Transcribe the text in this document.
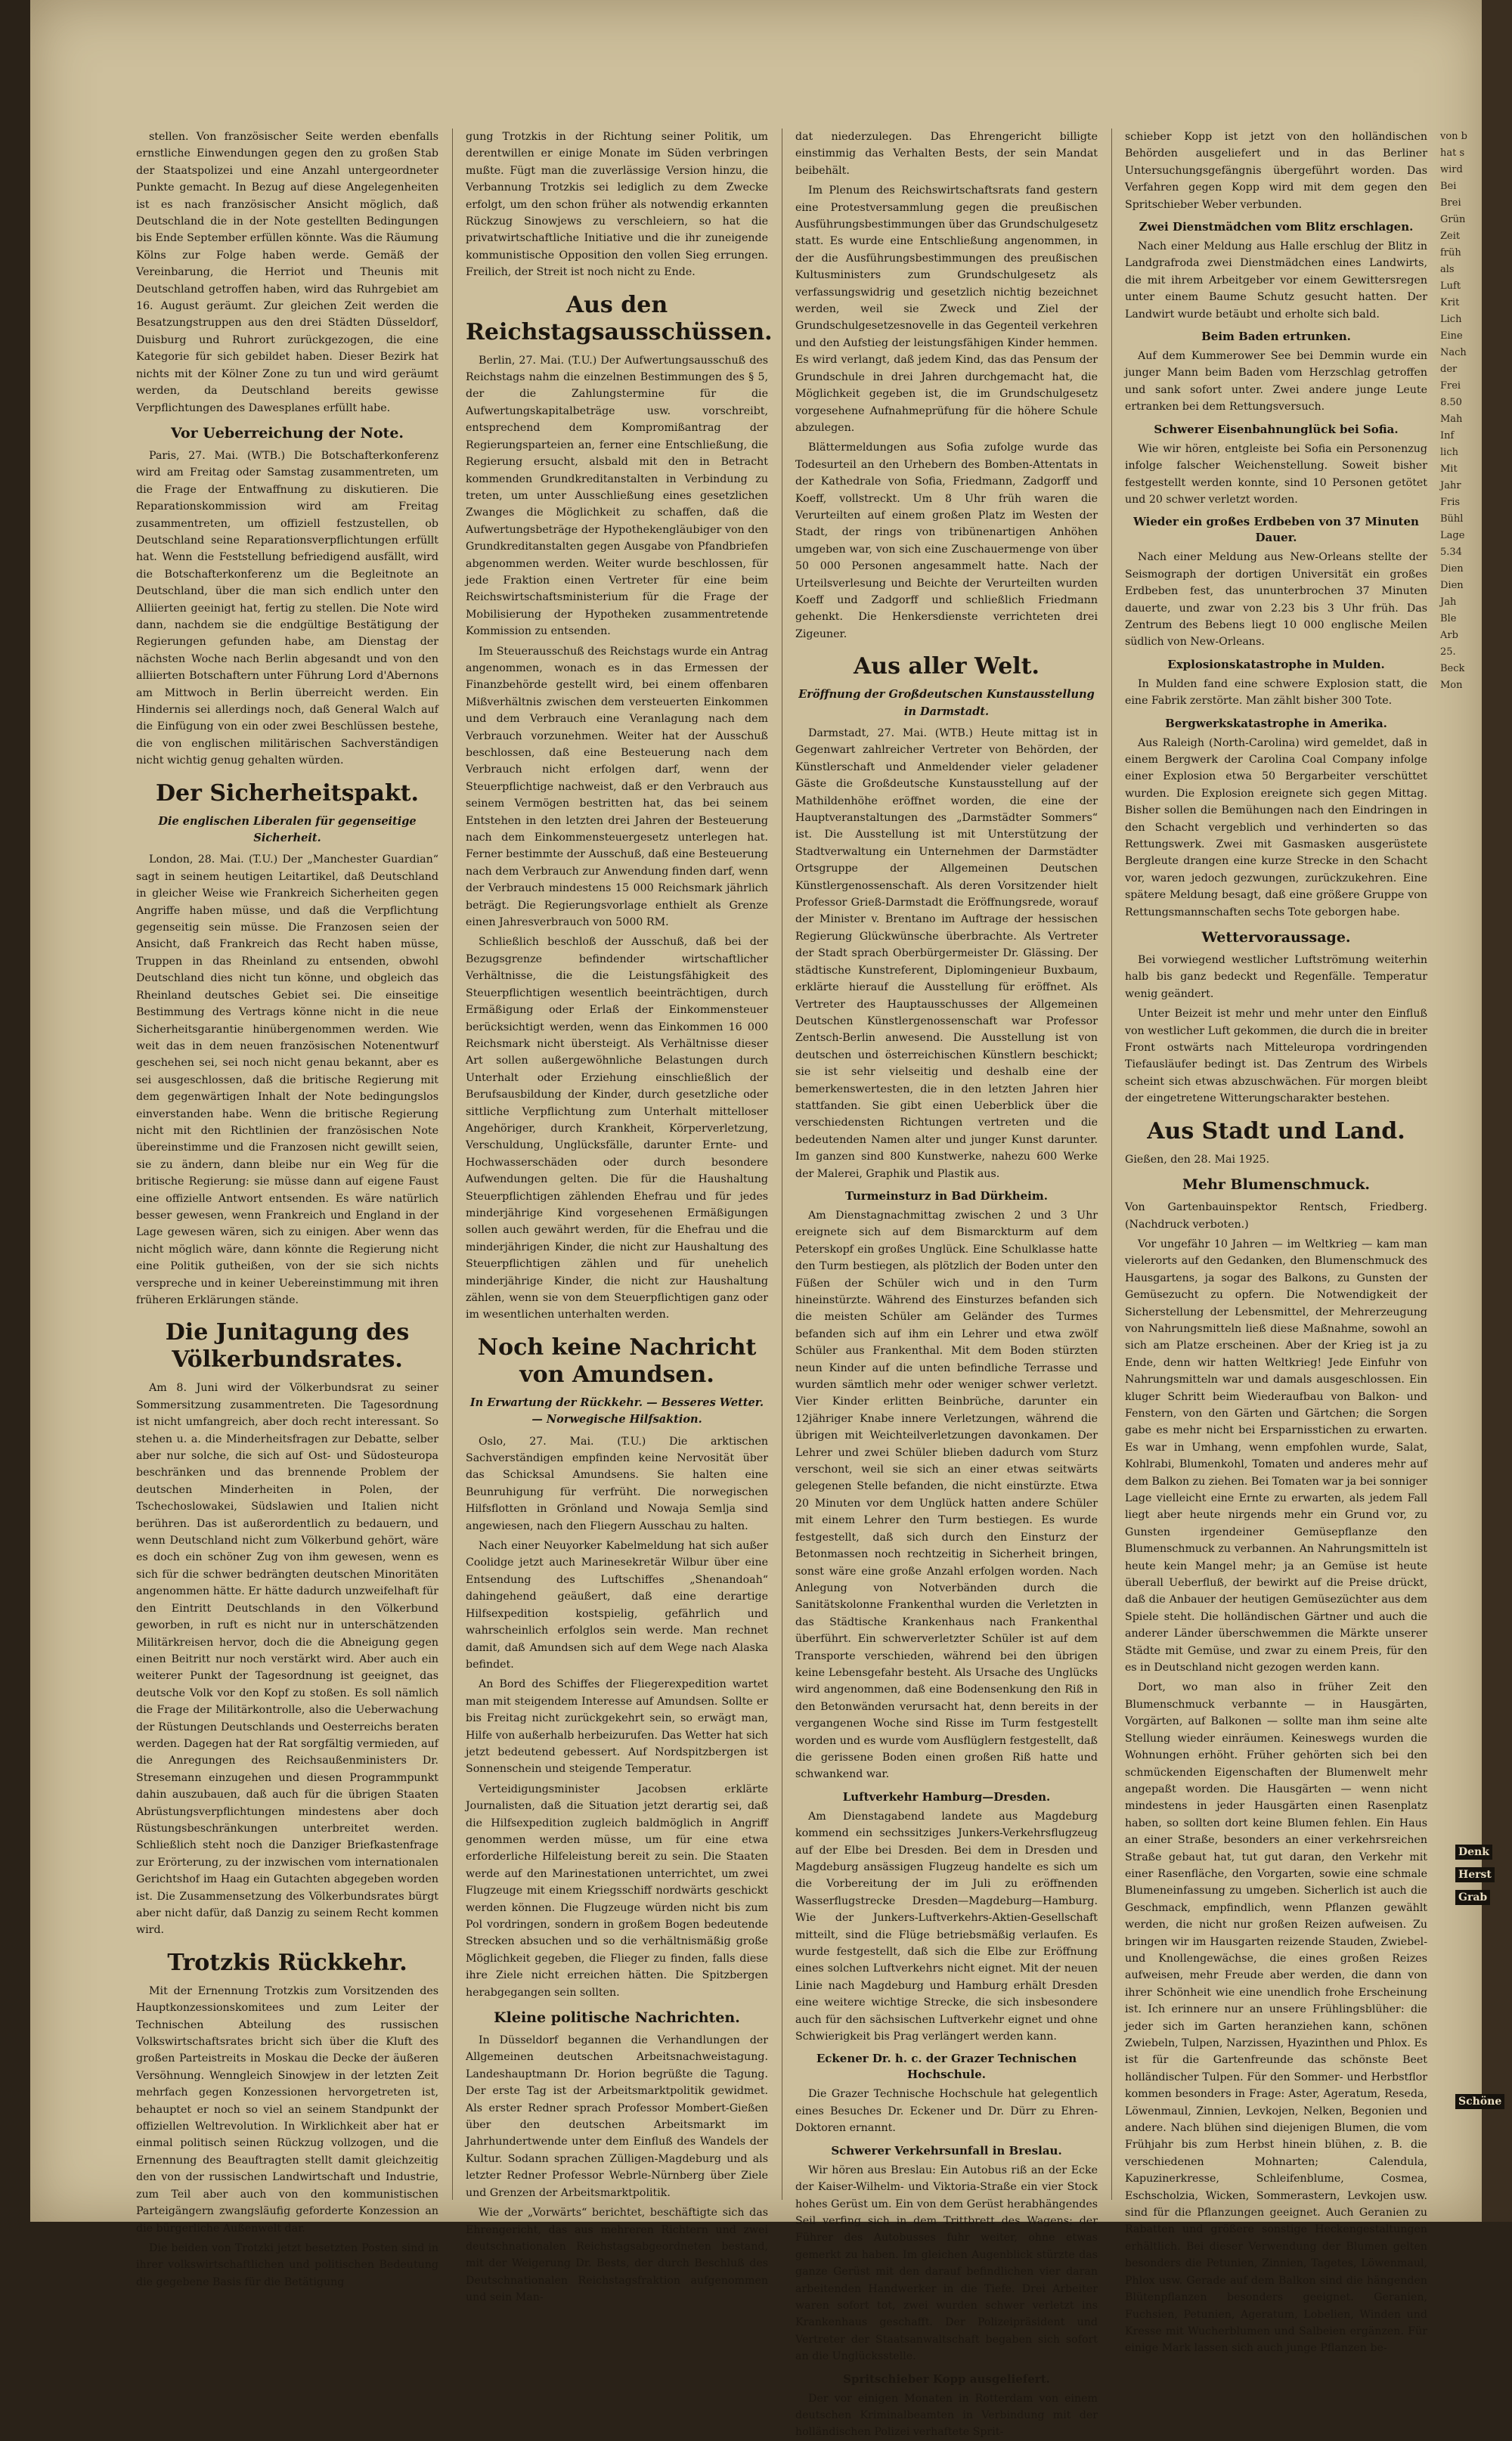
stellen. Von französischer Seite werden ebenfalls ernstliche Einwendungen gegen den zu großen Stab der Staatspolizei und eine Anzahl untergeordneter Punkte gemacht. In Bezug auf diese Angelegenheiten ist es nach französischer Ansicht möglich, daß Deutschland die in der Note gestellten Bedingungen bis Ende September erfüllen könnte. Was die Räumung Kölns zur Folge haben werde. Gemäß der Vereinbarung, die Herriot und Theunis mit Deutschland getroffen haben, wird das Ruhrgebiet am 16. August geräumt. Zur gleichen Zeit werden die Besatzungstruppen aus den drei Städten Düsseldorf, Duisburg und Ruhrort zurückgezogen, die eine Kategorie für sich gebildet haben. Dieser Bezirk hat nichts mit der Kölner Zone zu tun und wird geräumt werden, da Deutschland bereits gewisse Verpflichtungen des Dawesplanes erfüllt habe.

Vor Ueberreichung der Note.

Paris, 27. Mai. (WTB.) Die Botschafterkonferenz wird am Freitag oder Samstag zusammentreten, um die Frage der Entwaffnung zu diskutieren. Die Reparationskommission wird am Freitag zusammentreten, um offiziell festzustellen, ob Deutschland seine Reparationsverpflichtungen erfüllt hat. Wenn die Feststellung befriedigend ausfällt, wird die Botschafterkonferenz um die Begleitnote an Deutschland, über die man sich endlich unter den Alliierten geeinigt hat, fertig zu stellen. Die Note wird dann, nachdem sie die endgültige Bestätigung der Regierungen gefunden habe, am Dienstag der nächsten Woche nach Berlin abgesandt und von den alliierten Botschaftern unter Führung Lord d'Abernons am Mittwoch in Berlin überreicht werden. Ein Hindernis sei allerdings noch, daß General Walch auf die Einfügung von ein oder zwei Beschlüssen bestehe, die von englischen militärischen Sachverständigen nicht wichtig genug gehalten würden.

Der Sicherheitspakt.
Die englischen Liberalen für gegenseitige Sicherheit.

London, 28. Mai. (T.U.) Der „Manchester Guardian“ sagt in seinem heutigen Leitartikel, daß Deutschland in gleicher Weise wie Frankreich Sicherheiten gegen Angriffe haben müsse, und daß die Verpflichtung gegenseitig sein müsse. Die Franzosen seien der Ansicht, daß Frankreich das Recht haben müsse, Truppen in das Rheinland zu entsenden, obwohl Deutschland dies nicht tun könne, und obgleich das Rheinland deutsches Gebiet sei. Die einseitige Bestimmung des Vertrags könne nicht in die neue Sicherheitsgarantie hinübergenommen werden. Wie weit das in dem neuen französischen Notenentwurf geschehen sei, sei noch nicht genau bekannt, aber es sei ausgeschlossen, daß die britische Regierung mit dem gegenwärtigen Inhalt der Note bedingungslos einverstanden habe. Wenn die britische Regierung nicht mit den Richtlinien der französischen Note übereinstimme und die Franzosen nicht gewillt seien, sie zu ändern, dann bleibe nur ein Weg für die britische Regierung: sie müsse dann auf eigene Faust eine offizielle Antwort entsenden. Es wäre natürlich besser gewesen, wenn Frankreich und England in der Lage gewesen wären, sich zu einigen. Aber wenn das nicht möglich wäre, dann könnte die Regierung nicht eine Politik gutheißen, von der sie sich nichts verspreche und in keiner Uebereinstimmung mit ihren früheren Erklärungen stände.

Die Junitagung des Völkerbundsrates.

Am 8. Juni wird der Völkerbundsrat zu seiner Sommersitzung zusammentreten. Die Tagesordnung ist nicht umfangreich, aber doch recht interessant. So stehen u. a. die Minderheitsfragen zur Debatte, selber aber nur solche, die sich auf Ost- und Südosteuropa beschränken und das brennende Problem der deutschen Minderheiten in Polen, der Tschechoslowakei, Südslawien und Italien nicht berühren. Das ist außerordentlich zu bedauern, und wenn Deutschland nicht zum Völkerbund gehört, wäre es doch ein schöner Zug von ihm gewesen, wenn es sich für die schwer bedrängten deutschen Minoritäten angenommen hätte. Er hätte dadurch unzweifelhaft für den Eintritt Deutschlands in den Völkerbund geworben, in ruft es nicht nur in unterschätzenden Militärkreisen hervor, doch die die Abneigung gegen einen Beitritt nur noch verstärkt wird. Aber auch ein weiterer Punkt der Tagesordnung ist geeignet, das deutsche Volk vor den Kopf zu stoßen. Es soll nämlich die Frage der Militärkontrolle, also die Ueberwachung der Rüstungen Deutschlands und Oesterreichs beraten werden. Dagegen hat der Rat sorgfältig vermieden, auf die Anregungen des Reichsaußenministers Dr. Stresemann einzugehen und diesen Programmpunkt dahin auszubauen, daß auch für die übrigen Staaten Abrüstungsverpflichtungen mindestens aber doch Rüstungsbeschränkungen unterbreitet werden. Schließlich steht noch die Danziger Briefkastenfrage zur Erörterung, zu der inzwischen vom internationalen Gerichtshof im Haag ein Gutachten abgegeben worden ist. Die Zusammensetzung des Völkerbundsrates bürgt aber nicht dafür, daß Danzig zu seinem Recht kommen wird.

Trotzkis Rückkehr.

Mit der Ernennung Trotzkis zum Vorsitzenden des Hauptkonzessionskomitees und zum Leiter der Technischen Abteilung des russischen Volkswirtschaftsrates bricht sich über die Kluft des großen Parteistreits in Moskau die Decke der äußeren Versöhnung. Wenngleich Sinowjew in der letzten Zeit mehrfach gegen Konzessionen hervorgetreten ist, behauptet er noch so viel an seinem Standpunkt der offiziellen Weltrevolution. In Wirklichkeit aber hat er einmal politisch seinen Rückzug vollzogen, und die Ernennung des Beauftragten stellt damit gleichzeitig den von der russischen Landwirtschaft und Industrie, zum Teil aber auch von den kommunistischen Parteigängern zwangsläufig geforderte Konzession an die bürgerliche Außenwelt dar.

Die beiden von Trotzki jetzt besetzten Posten sind in ihrer volkswirtschaftlichen und politischen Bedeutung die gegebene Basis für die Betätigung

gung Trotzkis in der Richtung seiner Politik, um derentwillen er einige Monate im Süden verbringen mußte. Fügt man die zuverlässige Version hinzu, die Verbannung Trotzkis sei lediglich zu dem Zwecke erfolgt, um den schon früher als notwendig erkannten Rückzug Sinowjews zu verschleiern, so hat die privatwirtschaftliche Initiative und die ihr zuneigende kommunistische Opposition den vollen Sieg errungen. Freilich, der Streit ist noch nicht zu Ende.

Aus den Reichstagsausschüssen.

Berlin, 27. Mai. (T.U.) Der Aufwertungsausschuß des Reichstags nahm die einzelnen Bestimmungen des § 5, der die Zahlungstermine für die Aufwertungskapitalbeträge usw. vorschreibt, entsprechend dem Kompromißantrag der Regierungsparteien an, ferner eine Entschließung, die Regierung ersucht, alsbald mit den in Betracht kommenden Grundkreditanstalten in Verbindung zu treten, um unter Ausschließung eines gesetzlichen Zwanges die Möglichkeit zu schaffen, daß die Aufwertungsbeträge der Hypothekengläubiger von den Grundkreditanstalten gegen Ausgabe von Pfandbriefen abgenommen werden. Weiter wurde beschlossen, für jede Fraktion einen Vertreter für eine beim Reichswirtschaftsministerium für die Frage der Mobilisierung der Hypotheken zusammentretende Kommission zu entsenden.

Im Steuerausschuß des Reichstags wurde ein Antrag angenommen, wonach es in das Ermessen der Finanzbehörde gestellt wird, bei einem offenbaren Mißverhältnis zwischen dem versteuerten Einkommen und dem Verbrauch eine Veranlagung nach dem Verbrauch vorzunehmen. Weiter hat der Ausschuß beschlossen, daß eine Besteuerung nach dem Verbrauch nicht erfolgen darf, wenn der Steuerpflichtige nachweist, daß er den Verbrauch aus seinem Vermögen bestritten hat, das bei seinem Entstehen in den letzten drei Jahren der Besteuerung nach dem Einkommensteuergesetz unterlegen hat. Ferner bestimmte der Ausschuß, daß eine Besteuerung nach dem Verbrauch zur Anwendung finden darf, wenn der Verbrauch mindestens 15 000 Reichsmark jährlich beträgt. Die Regierungsvorlage enthielt als Grenze einen Jahresverbrauch von 5000 RM.

Schließlich beschloß der Ausschuß, daß bei der Bezugsgrenze befindender wirtschaftlicher Verhältnisse, die die Leistungsfähigkeit des Steuerpflichtigen wesentlich beeinträchtigen, durch Ermäßigung oder Erlaß der Einkommensteuer berücksichtigt werden, wenn das Einkommen 16 000 Reichsmark nicht übersteigt. Als Verhältnisse dieser Art sollen außergewöhnliche Belastungen durch Unterhalt oder Erziehung einschließlich der Berufsausbildung der Kinder, durch gesetzliche oder sittliche Verpflichtung zum Unterhalt mittelloser Angehöriger, durch Krankheit, Körperverletzung, Verschuldung, Unglücksfälle, darunter Ernte- und Hochwasserschäden oder durch besondere Aufwendungen gelten. Die für die Haushaltung Steuerpflichtigen zählenden Ehefrau und für jedes minderjährige Kind vorgesehenen Ermäßigungen sollen auch gewährt werden, für die Ehefrau und die minderjährigen Kinder, die nicht zur Haushaltung des Steuerpflichtigen zählen und für unehelich minderjährige Kinder, die nicht zur Haushaltung zählen, wenn sie von dem Steuerpflichtigen ganz oder im wesentlichen unterhalten werden.

Noch keine Nachricht von Amundsen.
In Erwartung der Rückkehr. — Besseres Wetter. — Norwegische Hilfsaktion.

Oslo, 27. Mai. (T.U.) Die arktischen Sachverständigen empfinden keine Nervosität über das Schicksal Amundsens. Sie halten eine Beunruhigung für verfrüht. Die norwegischen Hilfsflotten in Grönland und Nowaja Semlja sind angewiesen, nach den Fliegern Ausschau zu halten.

Nach einer Neuyorker Kabelmeldung hat sich außer Coolidge jetzt auch Marinesekretär Wilbur über eine Entsendung des Luftschiffes „Shenandoah“ dahingehend geäußert, daß eine derartige Hilfsexpedition kostspielig, gefährlich und wahrscheinlich erfolglos sein werde. Man rechnet damit, daß Amundsen sich auf dem Wege nach Alaska befindet.

An Bord des Schiffes der Fliegerexpedition wartet man mit steigendem Interesse auf Amundsen. Sollte er bis Freitag nicht zurückgekehrt sein, so erwägt man, Hilfe von außerhalb herbeizurufen. Das Wetter hat sich jetzt bedeutend gebessert. Auf Nordspitzbergen ist Sonnenschein und steigende Temperatur.

Verteidigungsminister Jacobsen erklärte Journalisten, daß die Situation jetzt derartig sei, daß die Hilfsexpedition zugleich baldmöglich in Angriff genommen werden müsse, um für eine etwa erforderliche Hilfeleistung bereit zu sein. Die Staaten werde auf den Marinestationen unterrichtet, um zwei Flugzeuge mit einem Kriegsschiff nordwärts geschickt werden können. Die Flugzeuge würden nicht bis zum Pol vordringen, sondern in großem Bogen bedeutende Strecken absuchen und so die verhältnismäßig große Möglichkeit gegeben, die Flieger zu finden, falls diese ihre Ziele nicht erreichen hätten. Die Spitzbergen herabgegangen sein sollten.

Kleine politische Nachrichten.

In Düsseldorf begannen die Verhandlungen der Allgemeinen deutschen Arbeitsnachweistagung. Landeshauptmann Dr. Horion begrüßte die Tagung. Der erste Tag ist der Arbeitsmarktpolitik gewidmet. Als erster Redner sprach Professor Mombert-Gießen über den deutschen Arbeitsmarkt im Jahrhundertwende unter dem Einfluß des Wandels der Kultur. Sodann sprachen Zülligen-Magdeburg und als letzter Redner Professor Webrle-Nürnberg über Ziele und Grenzen der Arbeitsmarktpolitik.

Wie der „Vorwärts“ berichtet, beschäftigte sich das Ehrengericht, das aus mehreren Richtern und zwei deutschnationalen Reichstagsabgeordneten bestand, mit der Weigerung Dr. Bests, der durch Beschluß des Deutschnationalen Reichstagsfraktion aufgenommen und sein Man-

dat niederzulegen. Das Ehrengericht billigte einstimmig das Verhalten Bests, der sein Mandat beibehält.

Im Plenum des Reichswirtschaftsrats fand gestern eine Protestversammlung gegen die preußischen Ausführungsbestimmungen über das Grundschulgesetz statt. Es wurde eine Entschließung angenommen, in der die Ausführungsbestimmungen des preußischen Kultusministers zum Grundschulgesetz als verfassungswidrig und gesetzlich nichtig bezeichnet werden, weil sie Zweck und Ziel der Grundschulgesetzesnovelle in das Gegenteil verkehren und den Aufstieg der leistungsfähigen Kinder hemmen. Es wird verlangt, daß jedem Kind, das das Pensum der Grundschule in drei Jahren durchgemacht hat, die Möglichkeit gegeben ist, die im Grundschulgesetz vorgesehene Aufnahmeprüfung für die höhere Schule abzulegen.

Blättermeldungen aus Sofia zufolge wurde das Todesurteil an den Urhebern des Bomben-Attentats in der Kathedrale von Sofia, Friedmann, Zadgorff und Koeff, vollstreckt. Um 8 Uhr früh waren die Verurteilten auf einem großen Platz im Westen der Stadt, der rings von tribünenartigen Anhöhen umgeben war, von sich eine Zuschauermenge von über 50 000 Personen angesammelt hatte. Nach der Urteilsverlesung und Beichte der Verurteilten wurden Koeff und Zadgorff und schließlich Friedmann gehenkt. Die Henkersdienste verrichteten drei Zigeuner.

Aus aller Welt.
Eröffnung der Großdeutschen Kunstausstellung in Darmstadt.

Darmstadt, 27. Mai. (WTB.) Heute mittag ist in Gegenwart zahlreicher Vertreter von Behörden, der Künstlerschaft und Anmeldender vieler geladener Gäste die Großdeutsche Kunstausstellung auf der Mathildenhöhe eröffnet worden, die eine der Hauptveranstaltungen des „Darmstädter Sommers“ ist. Die Ausstellung ist mit Unterstützung der Stadtverwaltung ein Unternehmen der Darmstädter Ortsgruppe der Allgemeinen Deutschen Künstlergenossenschaft. Als deren Vorsitzender hielt Professor Grieß-Darmstadt die Eröffnungsrede, worauf der Minister v. Brentano im Auftrage der hessischen Regierung Glückwünsche überbrachte. Als Vertreter der Stadt sprach Oberbürgermeister Dr. Glässing. Der städtische Kunstreferent, Diplomingenieur Buxbaum, erklärte hierauf die Ausstellung für eröffnet. Als Vertreter des Hauptausschusses der Allgemeinen Deutschen Künstlergenossenschaft war Professor Zentsch-Berlin anwesend. Die Ausstellung ist von deutschen und österreichischen Künstlern beschickt; sie ist sehr vielseitig und deshalb eine der bemerkenswertesten, die in den letzten Jahren hier stattfanden. Sie gibt einen Ueberblick über die verschiedensten Richtungen vertreten und die bedeutenden Namen alter und junger Kunst darunter. Im ganzen sind 800 Kunstwerke, nahezu 600 Werke der Malerei, Graphik und Plastik aus.

Turmeinsturz in Bad Dürkheim.

Am Dienstagnachmittag zwischen 2 und 3 Uhr ereignete sich auf dem Bismarckturm auf dem Peterskopf ein großes Unglück. Eine Schulklasse hatte den Turm bestiegen, als plötzlich der Boden unter den Füßen der Schüler wich und in den Turm hineinstürzte. Während des Einsturzes befanden sich die meisten Schüler am Geländer des Turmes befanden sich auf ihm ein Lehrer und etwa zwölf Schüler aus Frankenthal. Mit dem Boden stürzten neun Kinder auf die unten befindliche Terrasse und wurden sämtlich mehr oder weniger schwer verletzt. Vier Kinder erlitten Beinbrüche, darunter ein 12jähriger Knabe innere Verletzungen, während die übrigen mit Weichteilverletzungen davonkamen. Der Lehrer und zwei Schüler blieben dadurch vom Sturz verschont, weil sie sich an einer etwas seitwärts gelegenen Stelle befanden, die nicht einstürzte. Etwa 20 Minuten vor dem Unglück hatten andere Schüler mit einem Lehrer den Turm bestiegen. Es wurde festgestellt, daß sich durch den Einsturz der Betonmassen noch rechtzeitig in Sicherheit bringen, sonst wäre eine große Anzahl erfolgen worden. Nach Anlegung von Notverbänden durch die Sanitätskolonne Frankenthal wurden die Verletzten in das Städtische Krankenhaus nach Frankenthal überführt. Ein schwerverletzter Schüler ist auf dem Transporte verschieden, während bei den übrigen keine Lebensgefahr besteht. Als Ursache des Unglücks wird angenommen, daß eine Bodensenkung den Riß in den Betonwänden verursacht hat, denn bereits in der vergangenen Woche sind Risse im Turm festgestellt worden und es wurde vom Ausflüglern festgestellt, daß die gerissene Boden einen großen Riß hatte und schwankend war.

Luftverkehr Hamburg—Dresden.

Am Dienstagabend landete aus Magdeburg kommend ein sechssitziges Junkers-Verkehrsflugzeug auf der Elbe bei Dresden. Bei dem in Dresden und Magdeburg ansässigen Flugzeug handelte es sich um die Vorbereitung der im Juli zu eröffnenden Wasserflugstrecke Dresden—Magdeburg—Hamburg. Wie der Junkers-Luftverkehrs-Aktien-Gesellschaft mitteilt, sind die Flüge betriebsmäßig verlaufen. Es wurde festgestellt, daß sich die Elbe zur Eröffnung eines solchen Luftverkehrs nicht eignet. Mit der neuen Linie nach Magdeburg und Hamburg erhält Dresden eine weitere wichtige Strecke, die sich insbesondere auch für den sächsischen Luftverkehr eignet und ohne Schwierigkeit bis Prag verlängert werden kann.

Eckener Dr. h. c. der Grazer Technischen Hochschule.

Die Grazer Technische Hochschule hat gelegentlich eines Besuches Dr. Eckener und Dr. Dürr zu Ehren-Doktoren ernannt.

Schwerer Verkehrsunfall in Breslau.

Wir hören aus Breslau: Ein Autobus riß an der Ecke der Kaiser-Wilhelm- und Viktoria-Straße ein vier Stock hohes Gerüst um. Ein von dem Gerüst herabhängendes Seil verfing sich in dem Trittbrett des Wagens; der Führer des Autobusses fuhr weiter, ohne etwas gemerkt zu haben. Im gleichen Augenblick stürzte das ganze Gerüst mit den darauf befindlichen vier daran arbeitenden Handwerker in die Tiefe. Drei Arbeiter waren sofort tot, zwei wurden schwer verletzt ins Krankenhaus geschafft. Der Polizeipräsident und Vertreter der Staatsanwaltschaft begaben sich sofort an die Unglücksstelle.

Spritschieber Kopp ausgeliefert.

Der vor einigen Monaten in Rotterdam von einem deutschen Kriminalbeamten in Verbindung mit der holländischen Polizei verhaftete Sprit-

schieber Kopp ist jetzt von den holländischen Behörden ausgeliefert und in das Berliner Untersuchungsgefängnis übergeführt worden. Das Verfahren gegen Kopp wird mit dem gegen den Spritschieber Weber verbunden.

Zwei Dienstmädchen vom Blitz erschlagen.

Nach einer Meldung aus Halle erschlug der Blitz in Landgrafroda zwei Dienstmädchen eines Landwirts, die mit ihrem Arbeitgeber vor einem Gewittersregen unter einem Baume Schutz gesucht hatten. Der Landwirt wurde betäubt und erholte sich bald.

Beim Baden ertrunken.

Auf dem Kummerower See bei Demmin wurde ein junger Mann beim Baden vom Herzschlag getroffen und sank sofort unter. Zwei andere junge Leute ertranken bei dem Rettungsversuch.

Schwerer Eisenbahnunglück bei Sofia.

Wie wir hören, entgleiste bei Sofia ein Personenzug infolge falscher Weichenstellung. Soweit bisher festgestellt werden konnte, sind 10 Personen getötet und 20 schwer verletzt worden.

Wieder ein großes Erdbeben von 37 Minuten Dauer.

Nach einer Meldung aus New-Orleans stellte der Seismograph der dortigen Universität ein großes Erdbeben fest, das ununterbrochen 37 Minuten dauerte, und zwar von 2.23 bis 3 Uhr früh. Das Zentrum des Bebens liegt 10 000 englische Meilen südlich von New-Orleans.

Explosionskatastrophe in Mulden.

In Mulden fand eine schwere Explosion statt, die eine Fabrik zerstörte. Man zählt bisher 300 Tote.

Bergwerkskatastrophe in Amerika.

Aus Raleigh (North-Carolina) wird gemeldet, daß in einem Bergwerk der Carolina Coal Company infolge einer Explosion etwa 50 Bergarbeiter verschüttet wurden. Die Explosion ereignete sich gegen Mittag. Bisher sollen die Bemühungen nach den Eindringen in den Schacht vergeblich und verhinderten so das Rettungswerk. Zwei mit Gasmasken ausgerüstete Bergleute drangen eine kurze Strecke in den Schacht vor, waren jedoch gezwungen, zurückzukehren. Eine spätere Meldung besagt, daß eine größere Gruppe von Rettungsmannschaften sechs Tote geborgen habe.

Wettervoraussage.

Bei vorwiegend westlicher Luftströmung weiterhin halb bis ganz bedeckt und Regenfälle. Temperatur wenig geändert.

Unter Beizeit ist mehr und mehr unter den Einfluß von westlicher Luft gekommen, die durch die in breiter Front ostwärts nach Mitteleuropa vordringenden Tiefausläufer bedingt ist. Das Zentrum des Wirbels scheint sich etwas abzuschwächen. Für morgen bleibt der eingetretene Witterungscharakter bestehen.

Aus Stadt und Land.

Gießen, den 28. Mai 1925.

Mehr Blumenschmuck.

Von Gartenbauinspektor Rentsch, Friedberg. (Nachdruck verboten.)

Vor ungefähr 10 Jahren — im Weltkrieg — kam man vielerorts auf den Gedanken, den Blumenschmuck des Hausgartens, ja sogar des Balkons, zu Gunsten der Gemüsezucht zu opfern. Die Notwendigkeit der Sicherstellung der Lebensmittel, der Mehrerzeugung von Nahrungsmitteln ließ diese Maßnahme, sowohl an sich am Platze erscheinen. Aber der Krieg ist ja zu Ende, denn wir hatten Weltkrieg! Jede Einfuhr von Nahrungsmitteln war und damals ausgeschlossen. Ein kluger Schritt beim Wiederaufbau von Balkon- und Fenstern, von den Gärten und Gärtchen; die Sorgen gabe es mehr nicht bei Ersparnisstichen zu erwarten. Es war in Umhang, wenn empfohlen wurde, Salat, Kohlrabi, Blumenkohl, Tomaten und anderes mehr auf dem Balkon zu ziehen. Bei Tomaten war ja bei sonniger Lage vielleicht eine Ernte zu erwarten, als jedem Fall liegt aber heute nirgends mehr ein Grund vor, zu Gunsten irgendeiner Gemüsepflanze den Blumenschmuck zu verbannen. An Nahrungsmitteln ist heute kein Mangel mehr; ja an Gemüse ist heute überall Ueberfluß, der bewirkt auf die Preise drückt, daß die Anbauer der heutigen Gemüsezüchter aus dem Spiele steht. Die holländischen Gärtner und auch die anderer Länder überschwemmen die Märkte unserer Städte mit Gemüse, und zwar zu einem Preis, für den es in Deutschland nicht gezogen werden kann.

Dort, wo man also in früher Zeit den Blumenschmuck verbannte — in Hausgärten, Vorgärten, auf Balkonen — sollte man ihm seine alte Stellung wieder einräumen. Keineswegs wurden die Wohnungen erhöht. Früher gehörten sich bei den schmückenden Eigenschaften der Blumenwelt mehr angepaßt worden. Die Hausgärten — wenn nicht mindestens in jeder Hausgärten einen Rasenplatz haben, so sollten dort keine Blumen fehlen. Ein Haus an einer Straße, besonders an einer verkehrsreichen Straße gebaut hat, tut gut daran, den Verkehr mit einer Rasenfläche, den Vorgarten, sowie eine schmale Blumeneinfassung zu umgeben. Sicherlich ist auch die Geschmack, empfindlich, wenn Pflanzen gewählt werden, die nicht nur großen Reizen aufweisen. Zu bringen wir im Hausgarten reizende Stauden, Zwiebel- und Knollengewächse, die eines großen Reizes aufweisen, mehr Freude aber werden, die dann von ihrer Schönheit wie eine unendlich frohe Erscheinung ist. Ich erinnere nur an unsere Frühlingsblüher: die jeder sich im Garten heranziehen kann, schönen Zwiebeln, Tulpen, Narzissen, Hyazinthen und Phlox. Es ist für die Gartenfreunde das schönste Beet holländischer Tulpen. Für den Sommer- und Herbstflor kommen besonders in Frage: Aster, Ageratum, Reseda, Löwenmaul, Zinnien, Levkojen, Nelken, Begonien und andere. Nach blühen sind diejenigen Blumen, die vom Frühjahr bis zum Herbst hinein blühen, z. B. die verschiedenen Mohnarten; Calendula, Kapuzinerkresse, Schleifenblume, Cosmea, Eschscholzia, Wicken, Sommerastern, Levkojen usw. sind für die Pflanzungen geeignet. Auch Geranien zu Rabatten und größere sonstige Heckengestaltungen erhältlich. Bei dieser Verwendung der Blumen gelten besonders die Petunien, Zinnien, Tagetes, Löwenmaul, Phlox usw. Gerade auf dem Balkon sind die hängenden Blütenpflanzen besonders geeignet. Geranien, Fuchsien, Petunien, Ageratum, Lobelien, Winden und Kresse mit Wucherblumen und Salbeien ergänzen. Für einige Mark lassen sich auch junge Pflanzen be-

von b
hat s
wird
Bei
Brei
Grün
Zeit
früh
als
Luft
Krit
Lich
Eine
Nach
der
Frei
8.50
Mah
Inf
lich
Mit
Jahr
Fris
Bühl
Lage
5.34
Dien
Dien
Jah
Ble
Arb
25.
Beck
Mon
Denk
Herst
Grab
Schöne
